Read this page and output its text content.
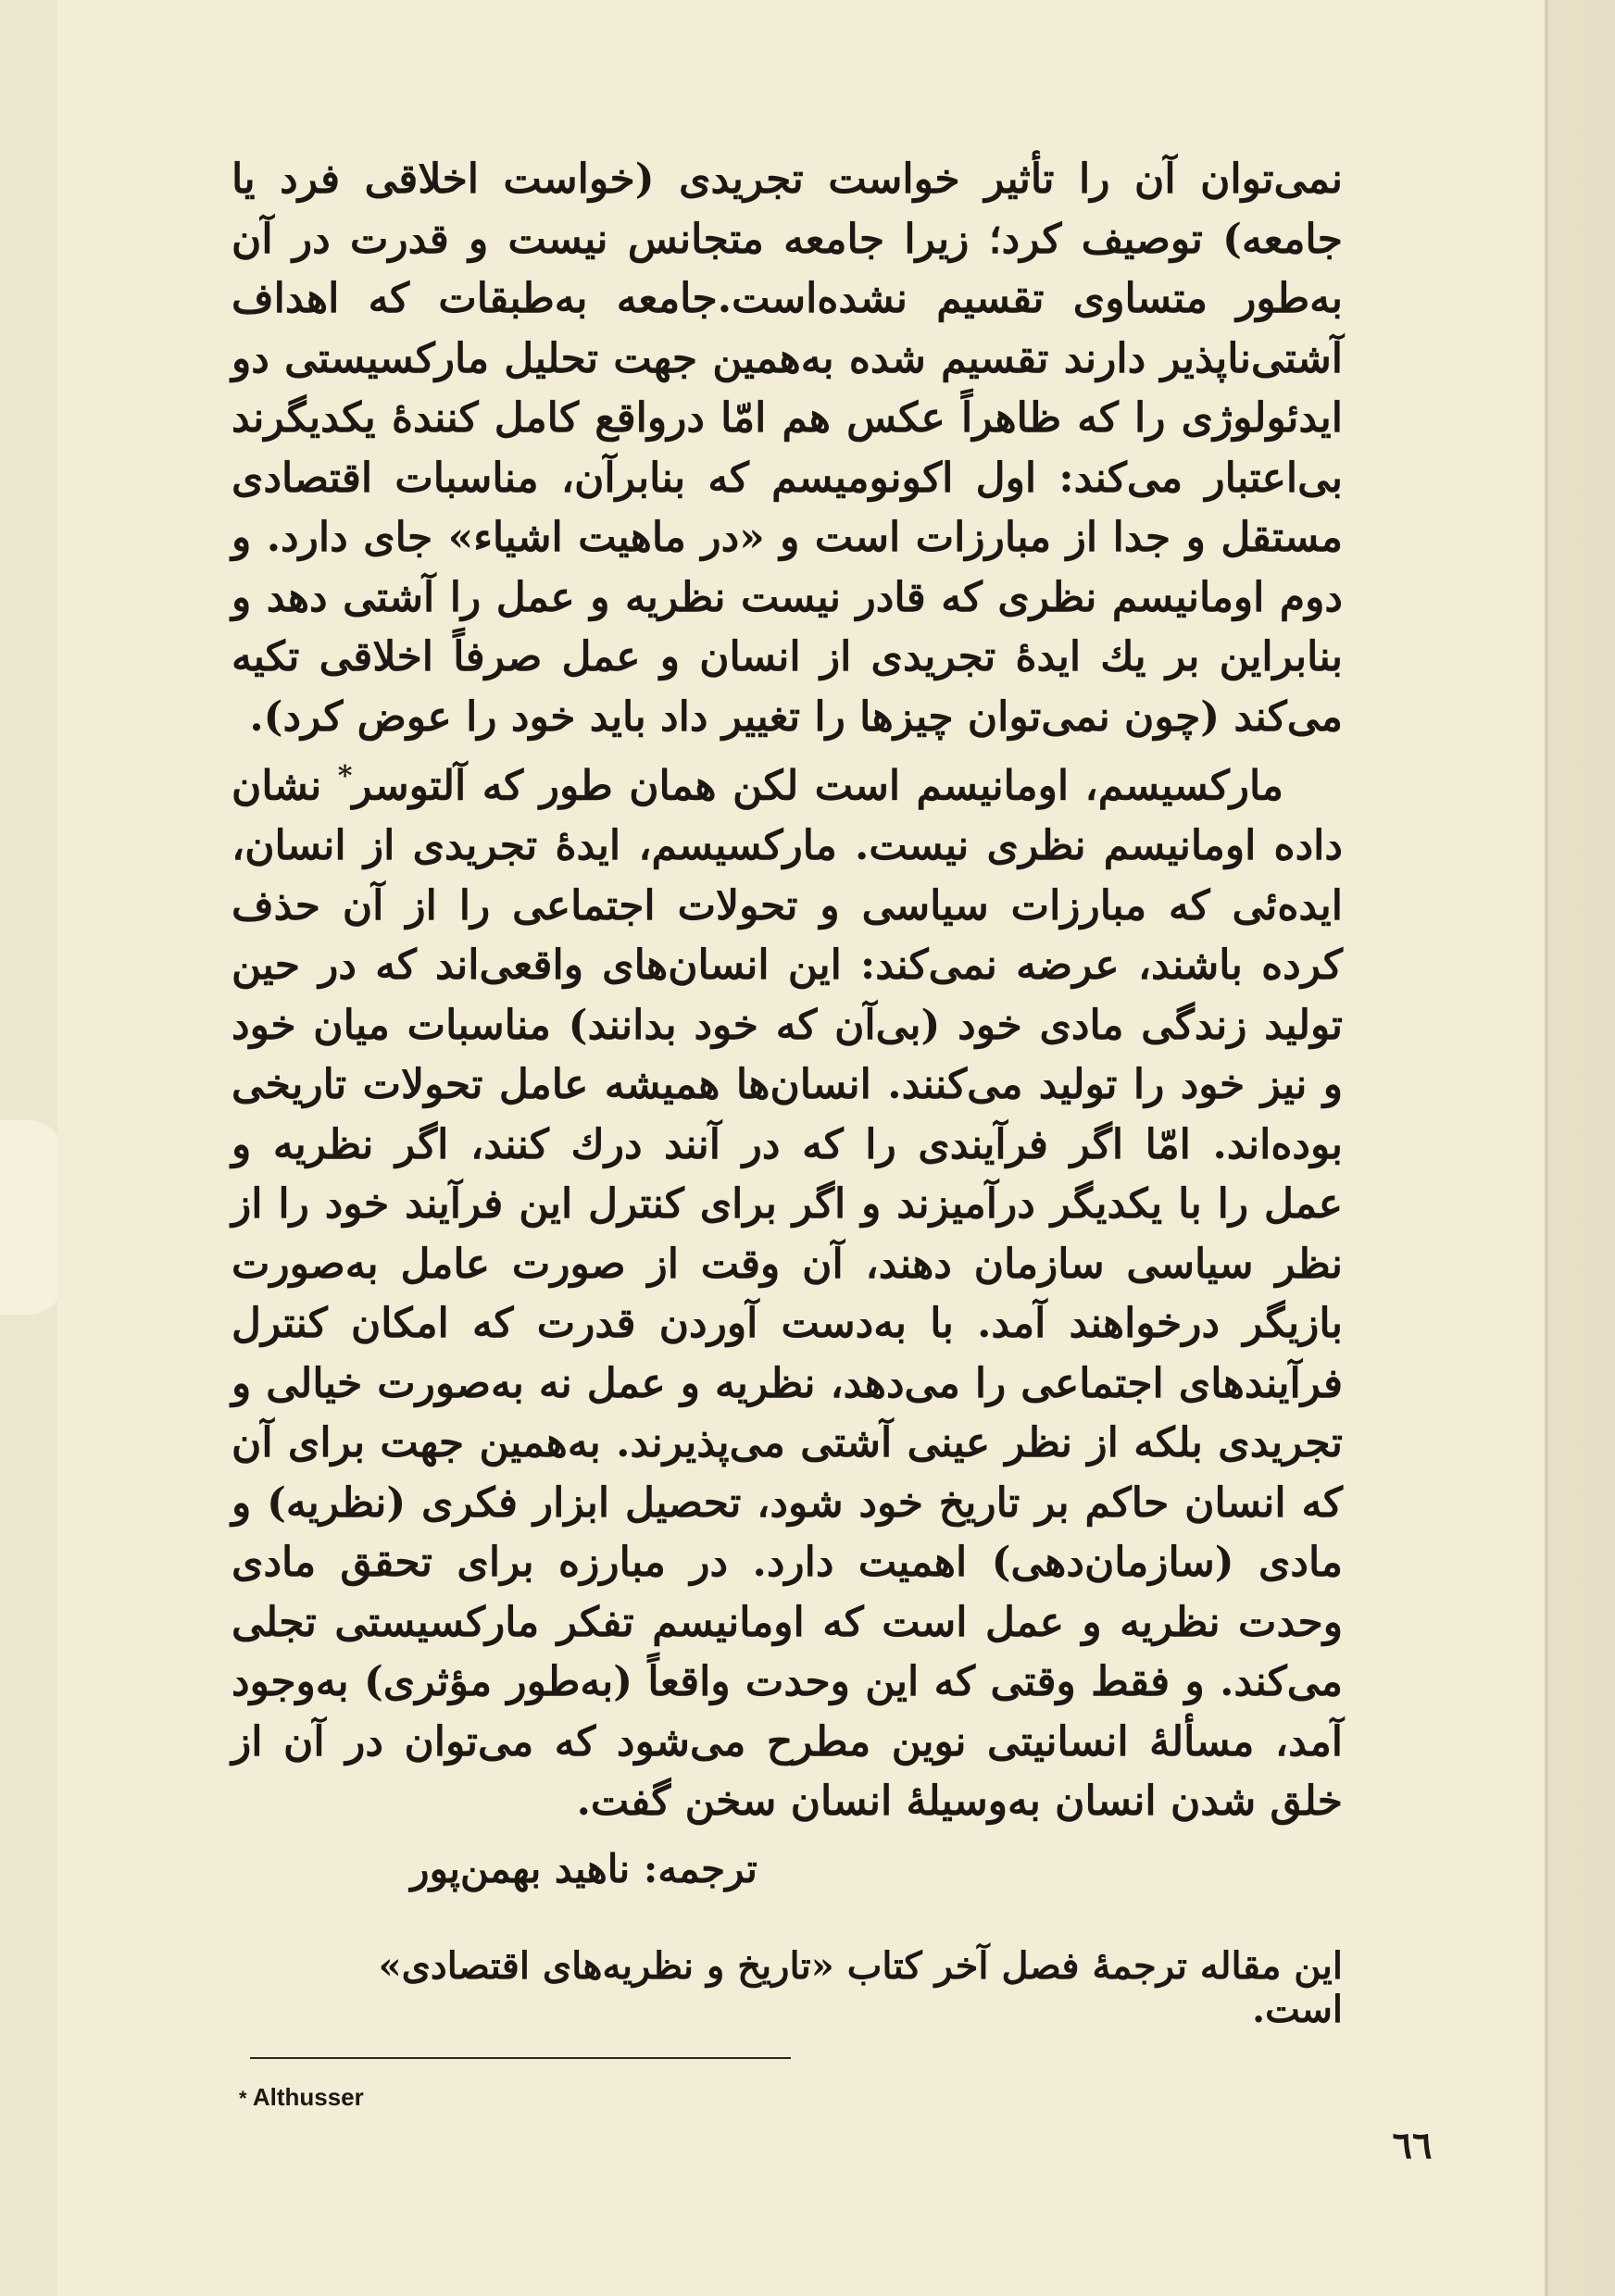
نمی‌توان آن را تأثیر خواست تجریدی (خواست اخلاقی فرد یا جامعه) توصیف کرد؛ زیرا جامعه متجانس نیست و قدرت در آن به‌طور متساوی تقسیم نشده‌است.جامعه به‌طبقات که اهداف آشتی‌ناپذیر دارند تقسیم شده به‌همین جهت تحلیل مارکسیستی دو ایدئولوژی را که ظاهراً عکس هم امّا درواقع کامل کنندهٔ یکدیگرند بی‌اعتبار می‌کند: اول اکونومیسم که بنابرآن، مناسبات اقتصادی مستقل و جدا از مبارزات است و «در ماهیت اشیاء» جای دارد. و دوم اومانیسم نظری که قادر نیست نظریه و عمل را آشتی دهد و بنابراین بر یك ایدهٔ تجریدی از انسان و عمل صرفاً اخلاقی تکیه می‌کند (چون نمی‌توان چیزها را تغییر داد باید خود را عوض کرد).

مارکسیسم، اومانیسم است لکن همان طور که آلتوسر* نشان داده اومانیسم نظری نیست. مارکسیسم، ایدهٔ تجریدی از انسان، ایده‌ئی که مبارزات سیاسی و تحولات اجتماعی را از آن حذف کرده باشند، عرضه نمی‌کند: این انسان‌های واقعی‌اند که در حین تولید زندگی مادی خود (بی‌آن که خود بدانند) مناسبات میان خود و نیز خود را تولید می‌کنند. انسان‌ها همیشه عامل تحولات تاریخی بوده‌اند. امّا اگر فرآیندی را که در آنند درك کنند، اگر نظریه و عمل را با یکدیگر درآمیزند و اگر برای کنترل این فرآیند خود را از نظر سیاسی سازمان دهند، آن وقت از صورت عامل به‌صورت بازیگر درخواهند آمد. با به‌دست آوردن قدرت که امکان کنترل فرآیندهای اجتماعی را می‌دهد، نظریه و عمل نه به‌صورت خیالی و تجریدی بلکه از نظر عینی آشتی می‌پذیرند. به‌همین جهت برای آن که انسان حاکم بر تاریخ خود شود، تحصیل ابزار فکری (نظریه) و مادی (سازمان‌دهی) اهمیت دارد. در مبارزه برای تحقق مادی وحدت نظریه و عمل است که اومانیسم تفکر مارکسیستی تجلی می‌کند. و فقط وقتی که این وحدت واقعاً (به‌طور مؤثری) به‌وجود آمد، مسألهٔ انسانیتی نوین مطرح می‌شود که می‌توان در آن از خلق شدن انسان به‌وسیلهٔ انسان سخن گفت.

ترجمه: ناهید بهمن‌پور
این مقاله ترجمهٔ فصل آخر کتاب «تاریخ و نظریه‌های اقتصادی» است.
* Althusser
٦٦
